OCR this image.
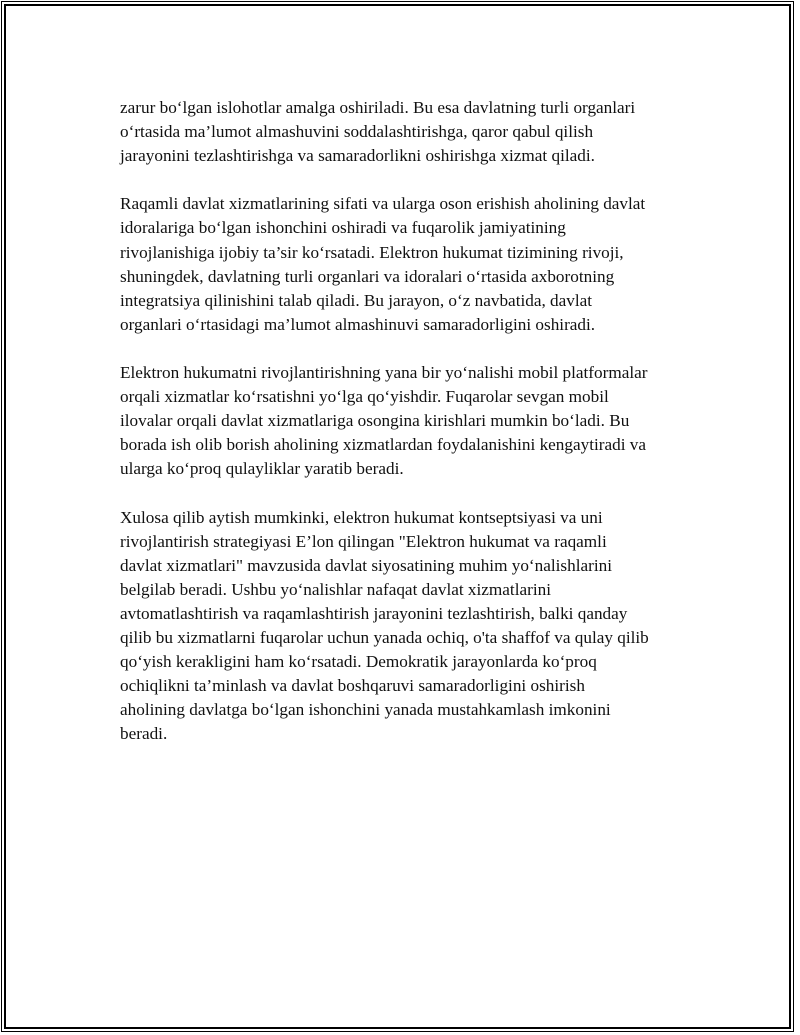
zarur bo‘lgan islohotlar amalga oshiriladi. Bu esa davlatning turli organlari
o‘rtasida ma’lumot almashuvini soddalashtirishga, qaror qabul qilish
jarayonini tezlashtirishga va samaradorlikni oshirishga xizmat qiladi.

Raqamli davlat xizmatlarining sifati va ularga oson erishish aholining davlat
idoralariga bo‘lgan ishonchini oshiradi va fuqarolik jamiyatining
rivojlanishiga ijobiy ta’sir ko‘rsatadi. Elektron hukumat tizimining rivoji,
shuningdek, davlatning turli organlari va idoralari o‘rtasida axborotning
integratsiya qilinishini talab qiladi. Bu jarayon, o‘z navbatida, davlat
organlari o‘rtasidagi ma’lumot almashinuvi samaradorligini oshiradi.

Elektron hukumatni rivojlantirishning yana bir yo‘nalishi mobil platformalar
orqali xizmatlar ko‘rsatishni yo‘lga qo‘yishdir. Fuqarolar sevgan mobil
ilovalar orqali davlat xizmatlariga osongina kirishlari mumkin bo‘ladi. Bu
borada ish olib borish aholining xizmatlardan foydalanishini kengaytiradi va
ularga ko‘proq qulayliklar yaratib beradi.

Xulosa qilib aytish mumkinki, elektron hukumat kontseptsiyasi va uni
rivojlantirish strategiyasi E’lon qilingan "Elektron hukumat va raqamli
davlat xizmatlari" mavzusida davlat siyosatining muhim yo‘nalishlarini
belgilab beradi. Ushbu yo‘nalishlar nafaqat davlat xizmatlarini
avtomatlashtirish va raqamlashtirish jarayonini tezlashtirish, balki qanday
qilib bu xizmatlarni fuqarolar uchun yanada ochiq, o'ta shaffof va qulay qilib
qo‘yish kerakligini ham ko‘rsatadi. Demokratik jarayonlarda ko‘proq
ochiqlikni ta’minlash va davlat boshqaruvi samaradorligini oshirish
aholining davlatga bo‘lgan ishonchini yanada mustahkamlash imkonini
beradi.
